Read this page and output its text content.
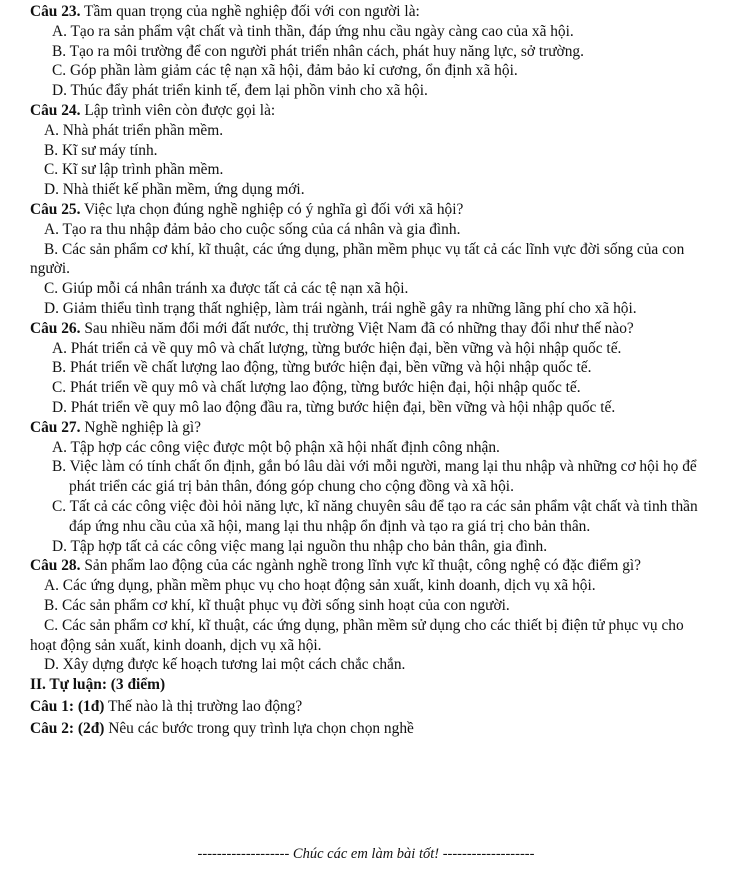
Câu 23. Tầm quan trọng của nghề nghiệp đối với con người là:

A. Tạo ra sản phẩm vật chất và tinh thần, đáp ứng nhu cầu ngày càng cao của xã hội.

B. Tạo ra môi trường để con người phát triển nhân cách, phát huy năng lực, sở trường.

C. Góp phần làm giảm các tệ nạn xã hội, đảm bảo kỉ cương, ổn định xã hội.

D. Thúc đẩy phát triển kinh tế, đem lại phồn vinh cho xã hội.

Câu 24. Lập trình viên còn được gọi là:

A. Nhà phát triển phần mềm.

B. Kĩ sư máy tính.

C. Kĩ sư lập trình phần mềm.

D. Nhà thiết kế phần mềm, ứng dụng mới.

Câu 25. Việc lựa chọn đúng nghề nghiệp có ý nghĩa gì đối với xã hội?

A. Tạo ra thu nhập đảm bảo cho cuộc sống của cá nhân và gia đình.

B. Các sản phẩm cơ khí, kĩ thuật, các ứng dụng, phần mềm phục vụ tất cả các lĩnh vực đời sống của con người.

C. Giúp mỗi cá nhân tránh xa được tất cả các tệ nạn xã hội.

D. Giảm thiểu tình trạng thất nghiệp, làm trái ngành, trái nghề gây ra những lãng phí cho xã hội.

Câu 26. Sau nhiều năm đổi mới đất nước, thị trường Việt Nam đã có những thay đổi như thế nào?

A. Phát triển cả về quy mô và chất lượng, từng bước hiện đại, bền vững và hội nhập quốc tế.

B. Phát triển về chất lượng lao động, từng bước hiện đại, bền vững và hội nhập quốc tế.

C. Phát triển về quy mô và chất lượng lao động, từng bước hiện đại, hội nhập quốc tế.

D. Phát triển về quy mô lao động đầu ra, từng bước hiện đại, bền vững và hội nhập quốc tế.

Câu 27. Nghề nghiệp là gì?

A. Tập hợp các công việc được một bộ phận xã hội nhất định công nhận.

B. Việc làm có tính chất ổn định, gắn bó lâu dài với mỗi người, mang lại thu nhập và những cơ hội họ để phát triển các giá trị bản thân, đóng góp chung cho cộng đồng và xã hội.

C. Tất cả các công việc đòi hỏi năng lực, kĩ năng chuyên sâu để tạo ra các sản phẩm vật chất và tinh thần đáp ứng nhu cầu của xã hội, mang lại thu nhập ổn định và tạo ra giá trị cho bản thân.

D. Tập hợp tất cả các công việc mang lại nguồn thu nhập cho bản thân, gia đình.

Câu 28. Sản phẩm lao động của các ngành nghề trong lĩnh vực kĩ thuật, công nghệ có đặc điểm gì?

A. Các ứng dụng, phần mềm phục vụ cho hoạt động sản xuất, kinh doanh, dịch vụ xã hội.

B. Các sản phẩm cơ khí, kĩ thuật phục vụ đời sống sinh hoạt của con người.

C. Các sản phẩm cơ khí, kĩ thuật, các ứng dụng, phần mềm sử dụng cho các thiết bị điện tử phục vụ cho hoạt động sản xuất, kinh doanh, dịch vụ xã hội.

D. Xây dựng được kế hoạch tương lai một cách chắc chắn.

II. Tự luận: (3 điểm)

Câu 1: (1đ) Thế nào là thị trường lao động?

Câu 2: (2đ) Nêu các bước trong quy trình lựa chọn chọn nghề

------------------- Chúc các em làm bài tốt! -------------------
